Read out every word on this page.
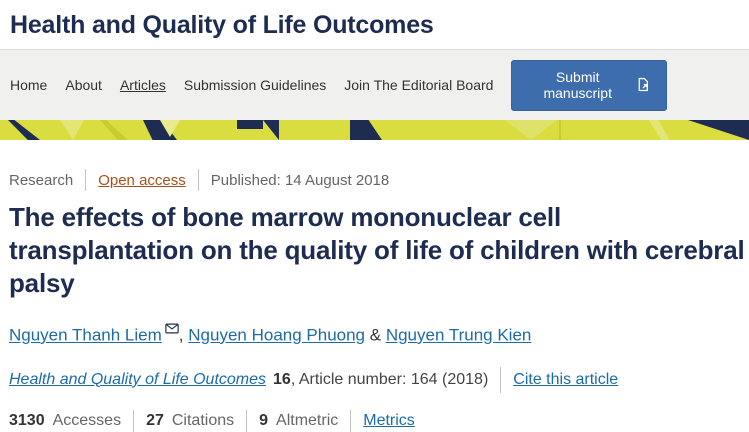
Health and Quality of Life Outcomes
Home About Articles Submission Guidelines Join The Editorial Board
Submit manuscript
Research Open access Published: 14 August 2018
The effects of bone marrow mononuclear cell transplantation on the quality of life of children with cerebral palsy
Nguyen Thanh Liem , Nguyen Hoang Phuong & Nguyen Trung Kien
Health and Quality of Life Outcomes 16 , Article number: 164 (2018) Cite this article
3130 Accesses 27 Citations 9 Altmetric Metrics
